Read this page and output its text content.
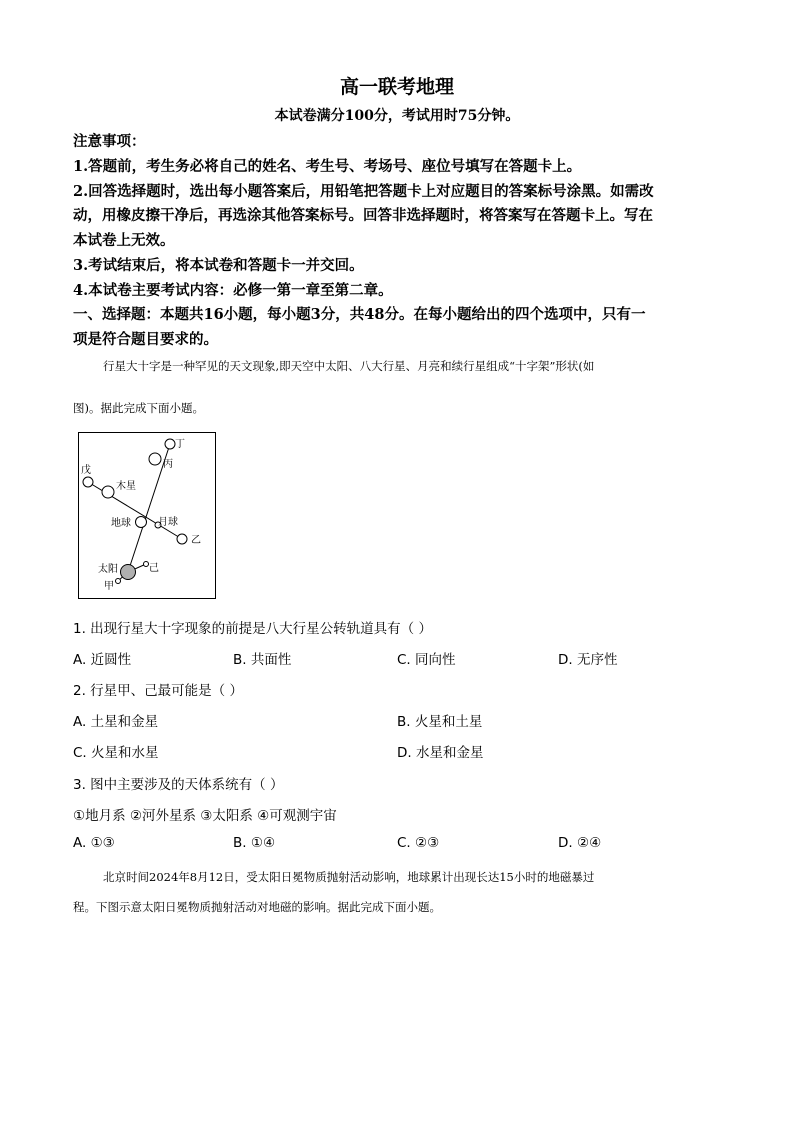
高一联考地理
本试卷满分100分，考试用时75分钟。
注意事项：
1.答题前，考生务必将自己的姓名、考生号、考场号、座位号填写在答题卡上。
2.回答选择题时，选出每小题答案后，用铅笔把答题卡上对应题目的答案标号涂黑。如需改
动，用橡皮擦干净后，再选涂其他答案标号。回答非选择题时，将答案写在答题卡上。写在
本试卷上无效。
3.考试结束后，将本试卷和答题卡一并交回。
4.本试卷主要考试内容：必修一第一章至第二章。
一、选择题：本题共16小题，每小题3分，共48分。在每小题给出的四个选项中，只有一
项是符合题目要求的。
行星大十字是一种罕见的天文现象,即天空中太阳、八大行星、月亮和续行星组成“十字架”形状(如
图)。据此完成下面小题。
丁
丙
戊
木星
地球	月球
乙
太阳	己
甲
1. 出现行星大十字现象的前提是八大行星公转轨道具有（ ）
A. 近圆性	B. 共面性	C. 同向性	D. 无序性
2. 行星甲、己最可能是（ ）
A. 土星和金星	B. 火星和土星
C. 火星和水星	D. 水星和金星
3. 图中主要涉及的天体系统有（ ）
①地月系 ②河外星系 ③太阳系 ④可观测宇宙
A. ①③	B. ①④	C. ②③	D. ②④
北京时间2024年8月12日，受太阳日冕物质抛射活动影响，地球累计出现长达15小时的地磁暴过
程。下图示意太阳日冕物质抛射活动对地磁的影响。据此完成下面小题。
